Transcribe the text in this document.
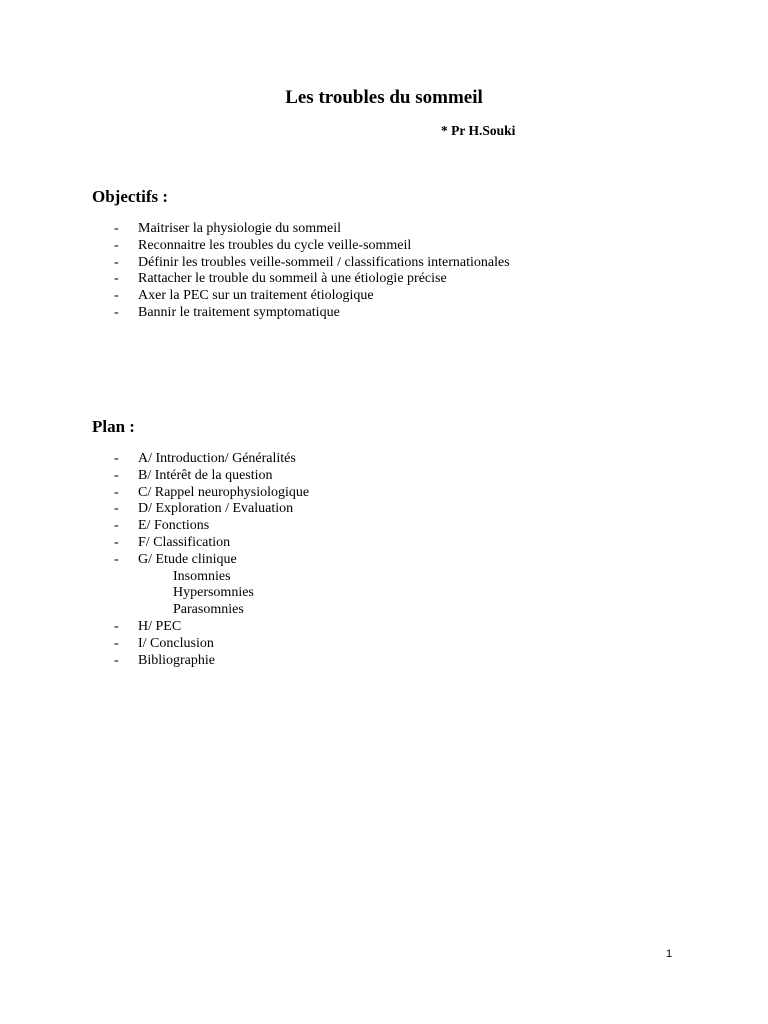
Les troubles du sommeil

* Pr H.Souki

Objectifs :
- Maitriser la physiologie du sommeil
- Reconnaitre les troubles du cycle veille-sommeil
- Définir les troubles veille-sommeil / classifications internationales
- Rattacher le trouble du sommeil à une étiologie précise
- Axer la PEC sur un traitement étiologique
- Bannir le traitement symptomatique
Plan :
- A/ Introduction/ Généralités
- B/ Intérêt de la question
- C/ Rappel neurophysiologique
- D/ Exploration / Evaluation
- E/ Fonctions
- F/ Classification
- G/ Etude clinique
Insomnies
Hypersomnies
Parasomnies
- H/ PEC
- I/ Conclusion
- Bibliographie

1
